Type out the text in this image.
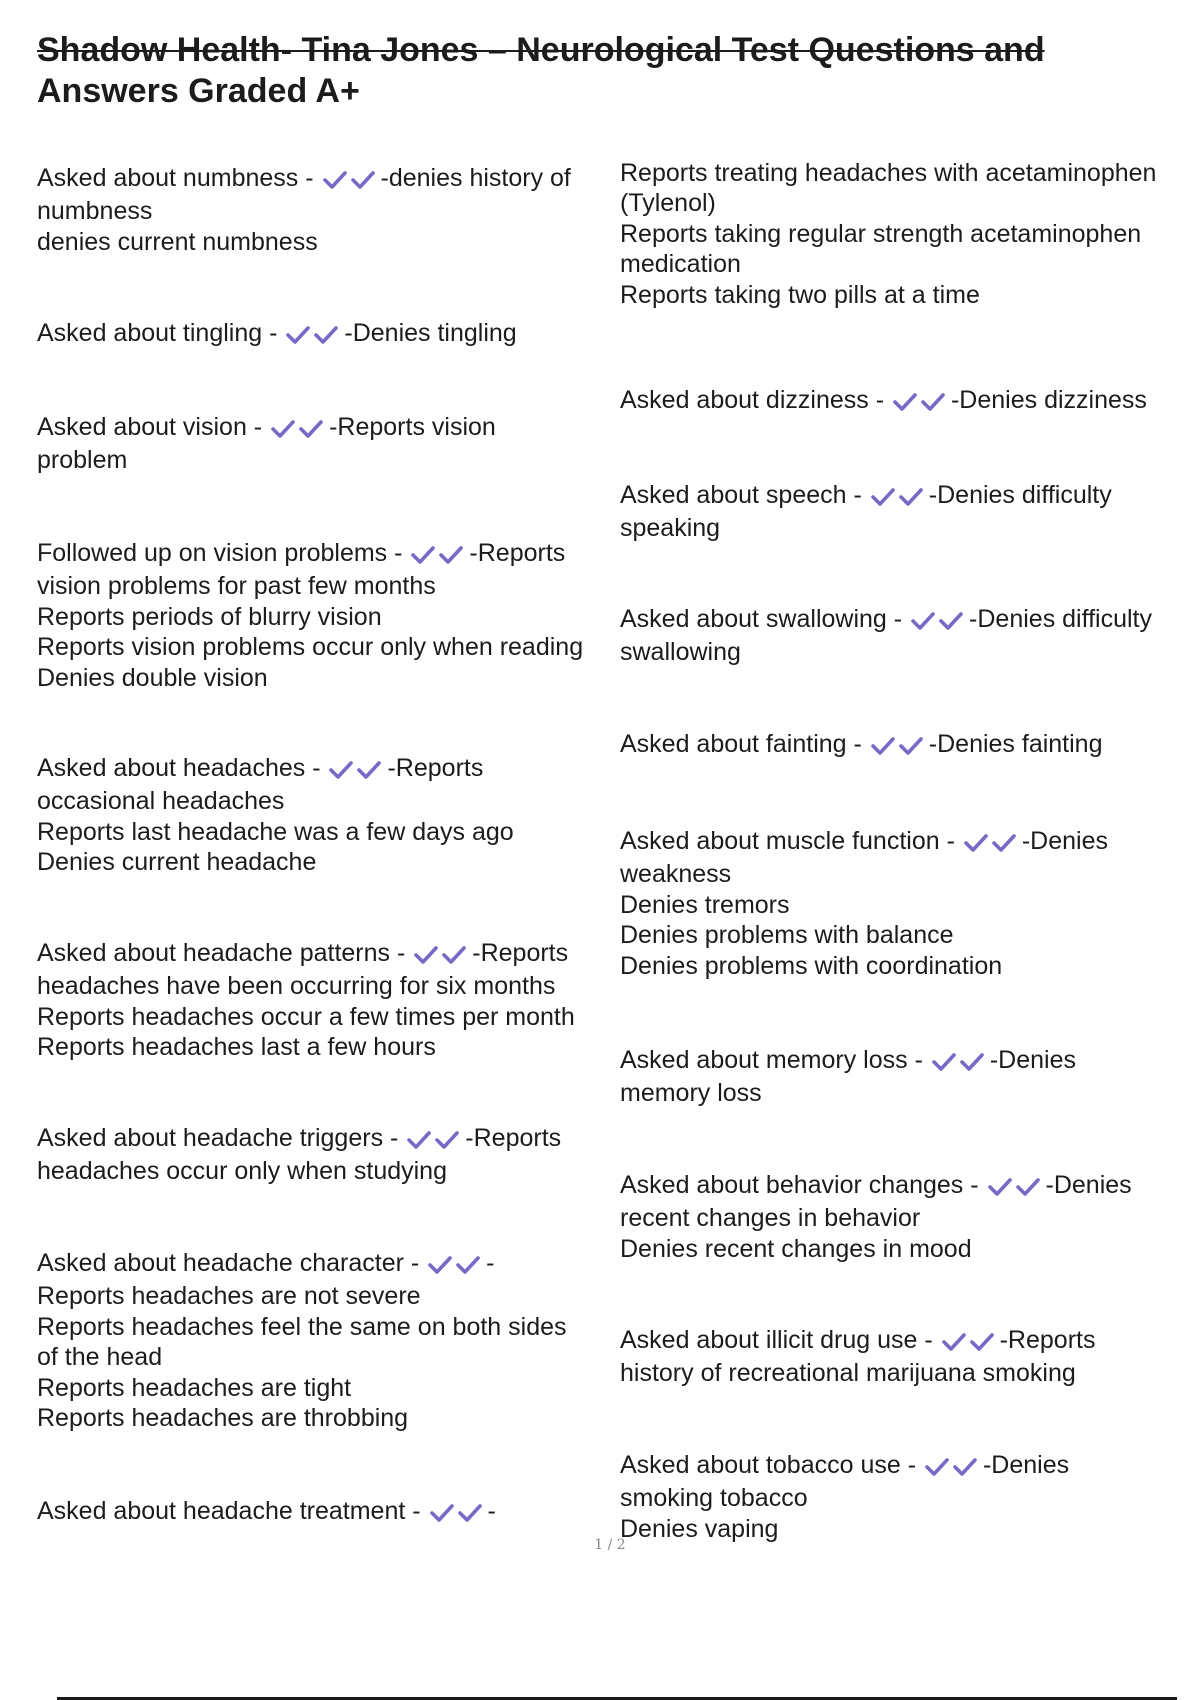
Shadow Health- Tina Jones – Neurological Test Questions and
Answers Graded A+
Asked about numbness - -denies history of
numbness
denies current numbness
Asked about tingling - -Denies tingling
Asked about vision - -Reports vision
problem
Followed up on vision problems - -Reports
vision problems for past few months
Reports periods of blurry vision
Reports vision problems occur only when reading
Denies double vision
Asked about headaches - -Reports
occasional headaches
Reports last headache was a few days ago
Denies current headache
Asked about headache patterns - -Reports
headaches have been occurring for six months
Reports headaches occur a few times per month
Reports headaches last a few hours
Asked about headache triggers - -Reports
headaches occur only when studying
Asked about headache character - -
Reports headaches are not severe
Reports headaches feel the same on both sides
of the head
Reports headaches are tight
Reports headaches are throbbing
Asked about headache treatment - -
Reports treating headaches with acetaminophen
(Tylenol)
Reports taking regular strength acetaminophen
medication
Reports taking two pills at a time
Asked about dizziness - -Denies dizziness
Asked about speech - -Denies difficulty
speaking
Asked about swallowing - -Denies difficulty
swallowing
Asked about fainting - -Denies fainting
Asked about muscle function - -Denies
weakness
Denies tremors
Denies problems with balance
Denies problems with coordination
Asked about memory loss - -Denies
memory loss
Asked about behavior changes - -Denies
recent changes in behavior
Denies recent changes in mood
Asked about illicit drug use - -Reports
history of recreational marijuana smoking
Asked about tobacco use - -Denies
smoking tobacco
Denies vaping
1 / 2
